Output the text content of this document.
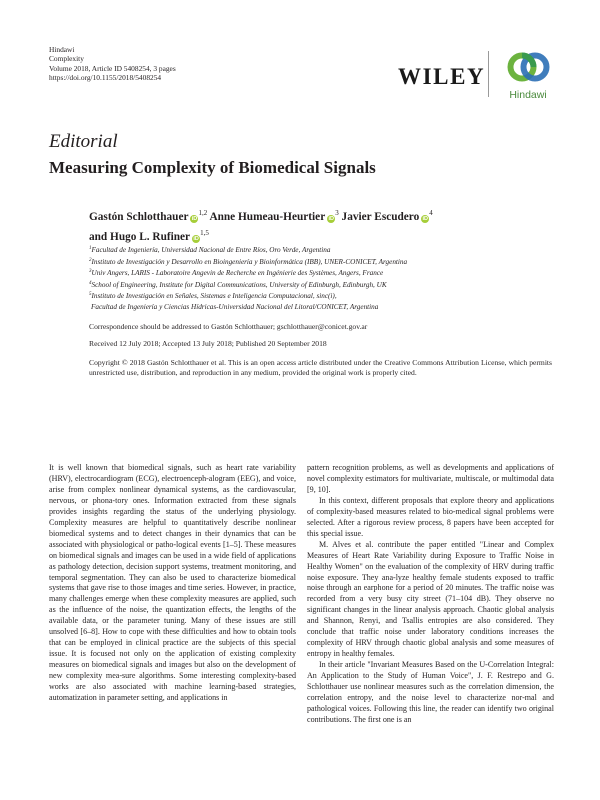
Hindawi
Complexity
Volume 2018, Article ID 5408254, 3 pages
https://doi.org/10.1155/2018/5408254	WILEY
Hindawi
Editorial
Measuring Complexity of Biomedical Signals
Gastón Schlotthauer iD$^{1,2}$ Anne Humeau-Heurtier $iD^3$ Javier Escudero $iD^4$
and Hugo L. Rufiner iD$^{1,5}$
$^1$Facultad de Ingeniería, Universidad Nacional de Entre Ríos, Oro Verde, Argentina
$^2$Instituto de Investigación y Desarrollo en Bioingeniería y Bioinformática (IBB), UNER-CONICET, Argentina
$^3$Univ Angers, LARIS - Laboratoire Angevin de Recherche en Ingénierie des Systèmes, Angers, France
$^4$School of Engineering, Institute for Digital Communications, University of Edinburgh, Edinburgh, UK
$^5$Instituto de Investigación en Señales, Sistemas e Inteligencia Computacional, sinc(i),
Facultad de Ingeniería y Ciencias Hídricas-Universidad Nacional del Litoral/CONICET, Argentina
Correspondence should be addressed to Gastón Schlotthauer; gschlotthauer@conicet.gov.ar
Received 12 July 2018; Accepted 13 July 2018; Published 20 September 2018
Copyright © 2018 Gastón Schlotthauer et al. This is an open access article distributed under the Creative Commons Attribution License, which permits unrestricted use, distribution, and reproduction in any medium, provided the original work is properly cited.

It is well known that biomedical signals, such as heart rate variability (HRV), electrocardiogram (ECG), electroenceph-alogram (EEG), and voice, arise from complex nonlinear dynamical systems, as the cardiovascular, nervous, or phona-tory ones. Information extracted from these signals provides insights regarding the status of the underlying physiology. Complexity measures are helpful to quantitatively describe nonlinear biomedical systems and to detect changes in their dynamics that can be associated with physiological or patho-logical events [1–5]. These measures on biomedical signals and images can be used in a wide field of applications as pathology detection, decision support systems, treatment monitoring, and temporal segmentation. They can also be used to characterize biomedical systems that gave rise to those images and time series. However, in practice, many challenges emerge when these complexity measures are applied, such as the influence of the noise, the quantization effects, the lengths of the available data, or the parameter tuning. Many of these issues are still unsolved [6–8]. How to cope with these difficulties and how to obtain tools that can be employed in clinical practice are the subjects of this special issue. It is focused not only on the application of existing complexity measures on biomedical signals and images but also on the development of new complexity mea-sure algorithms. Some interesting complexity-based works are also associated with machine learning-based strategies, automatization in parameter setting, and applications in

pattern recognition problems, as well as developments and applications of novel complexity estimators for multivariate, multiscale, or multimodal data [9, 10].

In this context, different proposals that explore theory and applications of complexity-based measures related to bio-medical signal problems were selected. After a rigorous review process, 8 papers have been accepted for this special issue.

M. Alves et al. contribute the paper entitled "Linear and Complex Measures of Heart Rate Variability during Exposure to Traffic Noise in Healthy Women" on the evaluation of the complexity of HRV during traffic noise exposure. They ana-lyze healthy female students exposed to traffic noise through an earphone for a period of 20 minutes. The traffic noise was recorded from a very busy city street (71–104 dB). They observe no significant changes in the linear analysis approach. Chaotic global analysis and Shannon, Renyi, and Tsallis entropies are also considered. They conclude that traffic noise under laboratory conditions increases the complexity of HRV through chaotic global analysis and some measures of entropy in healthy females.

In their article "Invariant Measures Based on the U-Correlation Integral: An Application to the Study of Human Voice", J. F. Restrepo and G. Schlotthauer use nonlinear measures such as the correlation dimension, the correlation entropy, and the noise level to characterize nor-mal and pathological voices. Following this line, the reader can identify two original contributions. The first one is an
